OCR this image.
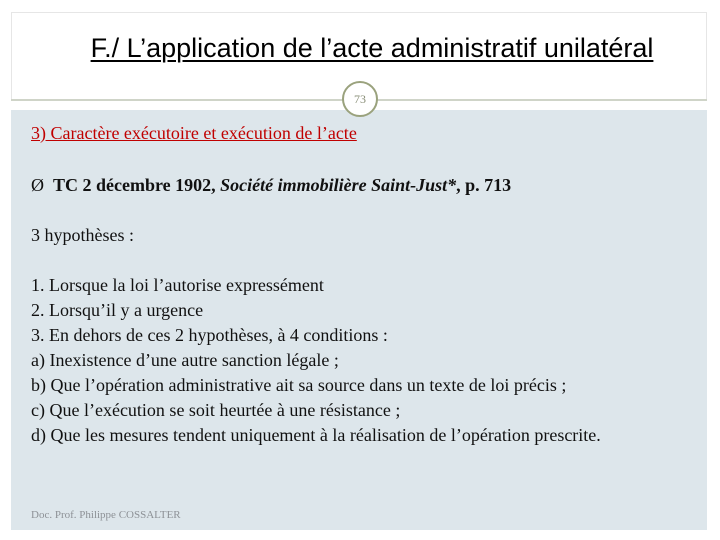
F./ L’application de l’acte administratif unilatéral
73
3) Caractère exécutoire et exécution de l’acte
Ø TC 2 décembre 1902, Société immobilière Saint-Just*, p. 713

3 hypothèses :

1. Lorsque la loi l’autorise expressément
2. Lorsqu’il y a urgence
3. En dehors de ces 2 hypothèses, à 4 conditions :
a) Inexistence d’une autre sanction légale ;
b) Que l’opération administrative ait sa source dans un texte de loi précis ;
c) Que l’exécution se soit heurtée à une résistance ;
d) Que les mesures tendent uniquement à la réalisation de l’opération prescrite.
Doc. Prof. Philippe COSSALTER
